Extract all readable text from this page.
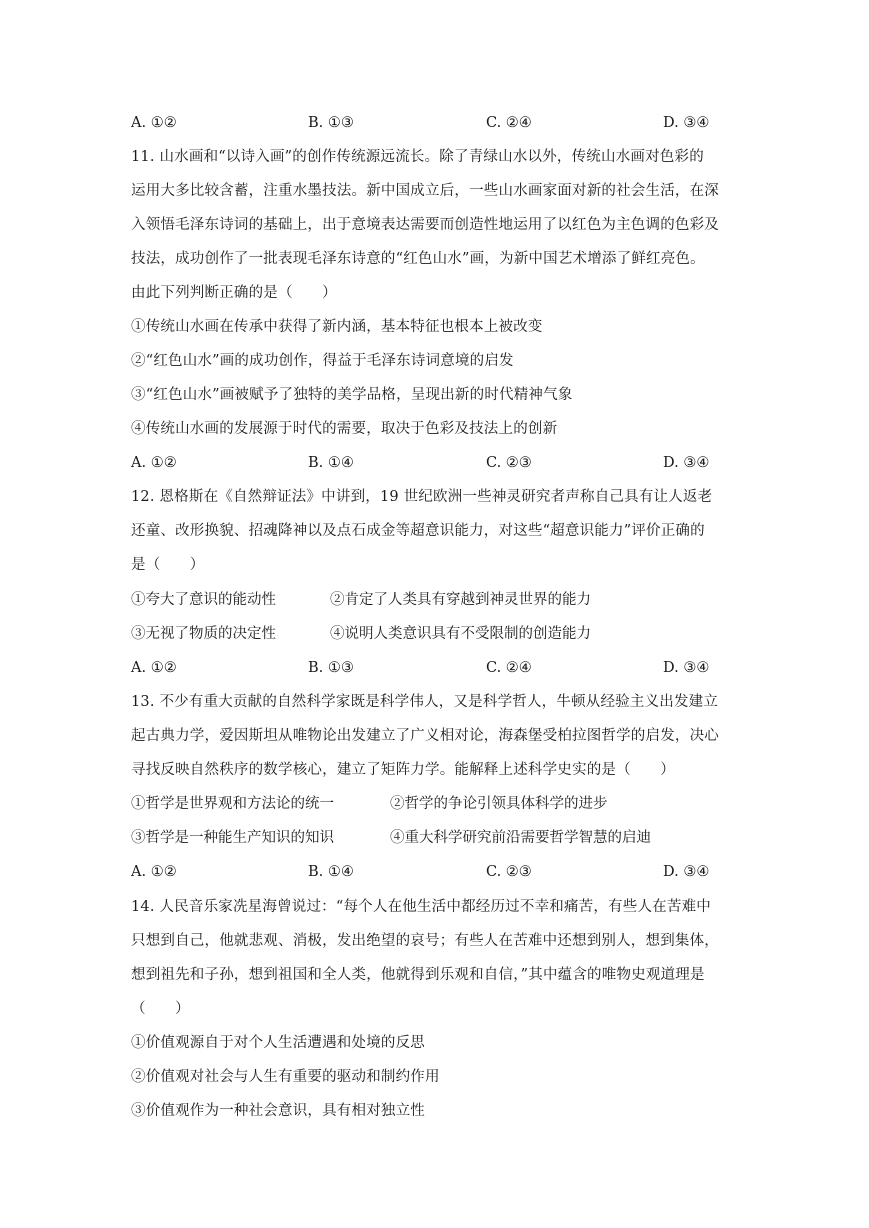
A. ①②	B. ①③	C. ②④	D. ③④
11. 山水画和“以诗入画”的创作传统源远流长。除了青绿山水以外，传统山水画对色彩的
运用大多比较含蓄，注重水墨技法。新中国成立后，一些山水画家面对新的社会生活，在深
入领悟毛泽东诗词的基础上，出于意境表达需要而创造性地运用了以红色为主色调的色彩及
技法，成功创作了一批表现毛泽东诗意的“红色山水”画，为新中国艺术增添了鲜红亮色。
由此下列判断正确的是（　　）
①传统山水画在传承中获得了新内涵，基本特征也根本上被改变
②“红色山水”画的成功创作，得益于毛泽东诗词意境的启发
③“红色山水”画被赋予了独特的美学品格，呈现出新的时代精神气象
④传统山水画的发展源于时代的需要，取决于色彩及技法上的创新
A. ①②	B. ①④	C. ②③	D. ③④
12. 恩格斯在《自然辩证法》中讲到，19 世纪欧洲一些神灵研究者声称自己具有让人返老
还童、改形换貌、招魂降神以及点石成金等超意识能力，对这些“超意识能力”评价正确的
是（　　）
①夸大了意识的能动性	②肯定了人类具有穿越到神灵世界的能力
③无视了物质的决定性	④说明人类意识具有不受限制的创造能力
A. ①②	B. ①③	C. ②④	D. ③④
13. 不少有重大贡献的自然科学家既是科学伟人，又是科学哲人，牛顿从经验主义出发建立
起古典力学，爱因斯坦从唯物论出发建立了广义相对论，海森堡受柏拉图哲学的启发，决心
寻找反映自然秩序的数学核心，建立了矩阵力学。能解释上述科学史实的是（　　）
①哲学是世界观和方法论的统一	②哲学的争论引领具体科学的进步
③哲学是一种能生产知识的知识	④重大科学研究前沿需要哲学智慧的启迪
A. ①②	B. ①④	C. ②③	D. ③④
14. 人民音乐家冼星海曾说过：“每个人在他生活中都经历过不幸和痛苦，有些人在苦难中
只想到自己，他就悲观、消极，发出绝望的哀号；有些人在苦难中还想到别人，想到集体，
想到祖先和子孙，想到祖国和全人类，他就得到乐观和自信，”其中蕴含的唯物史观道理是
（　　）
①价值观源自于对个人生活遭遇和处境的反思
②价值观对社会与人生有重要的驱动和制约作用
③价值观作为一种社会意识，具有相对独立性
